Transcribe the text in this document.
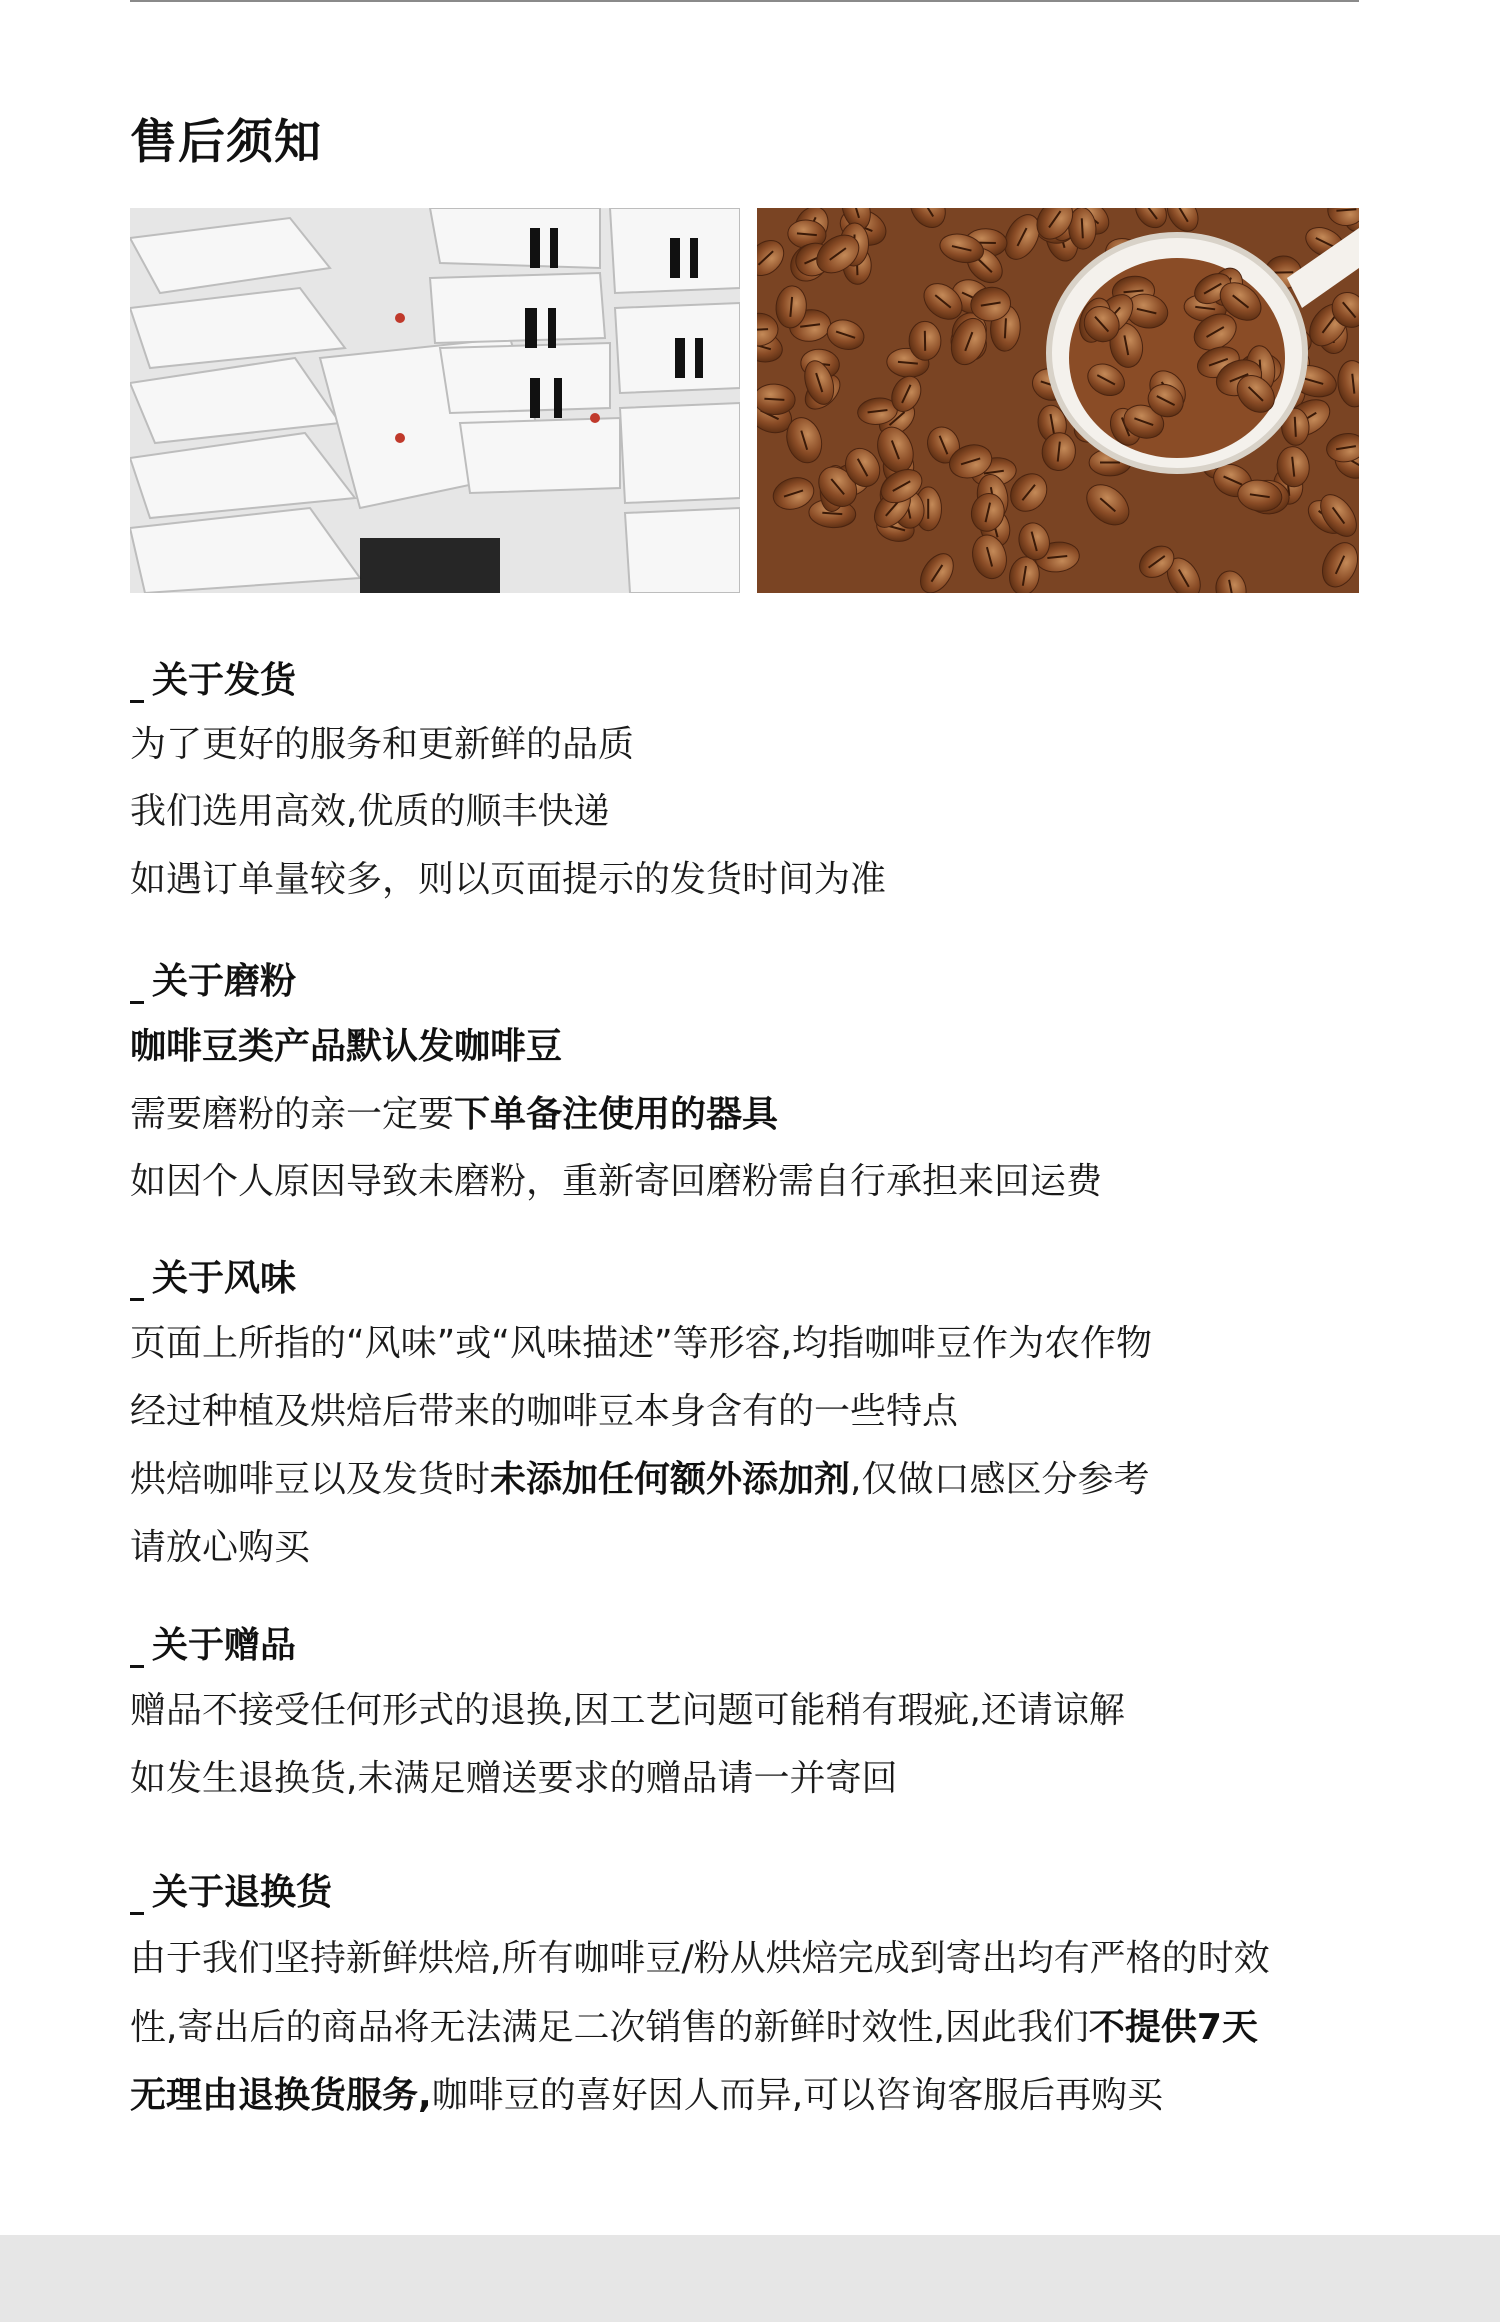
售后须知
关于发货
为了更好的服务和更新鲜的品质
我们选用高效,优质的顺丰快递
如遇订单量较多，则以页面提示的发货时间为准
关于磨粉
咖啡豆类产品默认发咖啡豆
需要磨粉的亲一定要下单备注使用的器具
如因个人原因导致未磨粉，重新寄回磨粉需自行承担来回运费
关于风味
页面上所指的“风味”或“风味描述”等形容,均指咖啡豆作为农作物
经过种植及烘焙后带来的咖啡豆本身含有的一些特点
烘焙咖啡豆以及发货时未添加任何额外添加剂,仅做口感区分参考
请放心购买
关于赠品
赠品不接受任何形式的退换,因工艺问题可能稍有瑕疵,还请谅解
如发生退换货,未满足赠送要求的赠品请一并寄回
关于退换货
由于我们坚持新鲜烘焙,所有咖啡豆/粉从烘焙完成到寄出均有严格的时效
性,寄出后的商品将无法满足二次销售的新鲜时效性,因此我们不提供7天
无理由退换货服务,咖啡豆的喜好因人而异,可以咨询客服后再购买
